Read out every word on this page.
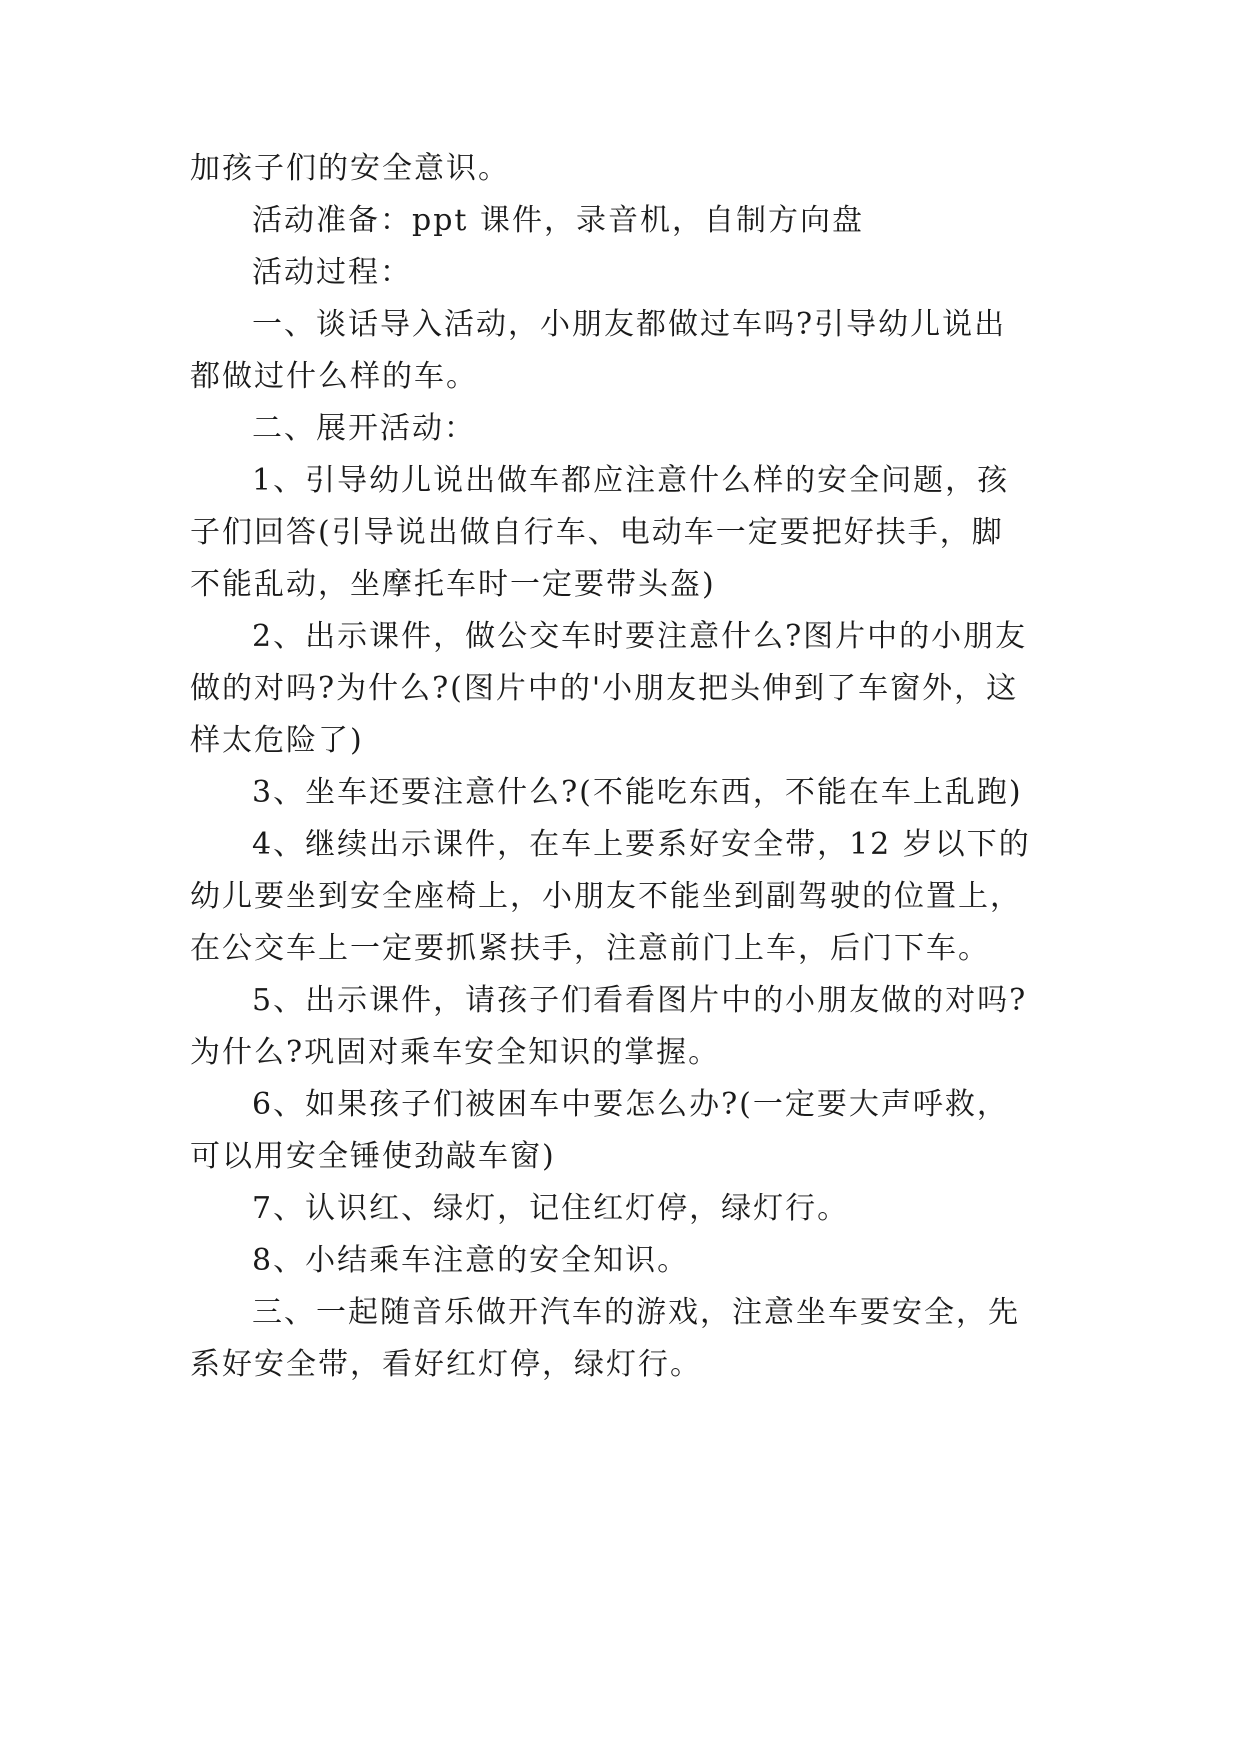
加孩子们的安全意识。
活动准备：ppt 课件，录音机，自制方向盘
活动过程：
一、谈话导入活动，小朋友都做过车吗?引导幼儿说出
都做过什么样的车。
二、展开活动：
1、引导幼儿说出做车都应注意什么样的安全问题，孩
子们回答(引导说出做自行车、电动车一定要把好扶手，脚
不能乱动，坐摩托车时一定要带头盔)
2、出示课件，做公交车时要注意什么?图片中的小朋友
做的对吗?为什么?(图片中的'小朋友把头伸到了车窗外，这
样太危险了)
3、坐车还要注意什么?(不能吃东西，不能在车上乱跑)
4、继续出示课件，在车上要系好安全带，12 岁以下的
幼儿要坐到安全座椅上，小朋友不能坐到副驾驶的位置上，
在公交车上一定要抓紧扶手，注意前门上车，后门下车。
5、出示课件，请孩子们看看图片中的小朋友做的对吗?
为什么?巩固对乘车安全知识的掌握。
6、如果孩子们被困车中要怎么办?(一定要大声呼救，
可以用安全锤使劲敲车窗)
7、认识红、绿灯，记住红灯停，绿灯行。
8、小结乘车注意的安全知识。
三、一起随音乐做开汽车的游戏，注意坐车要安全，先
系好安全带，看好红灯停，绿灯行。
